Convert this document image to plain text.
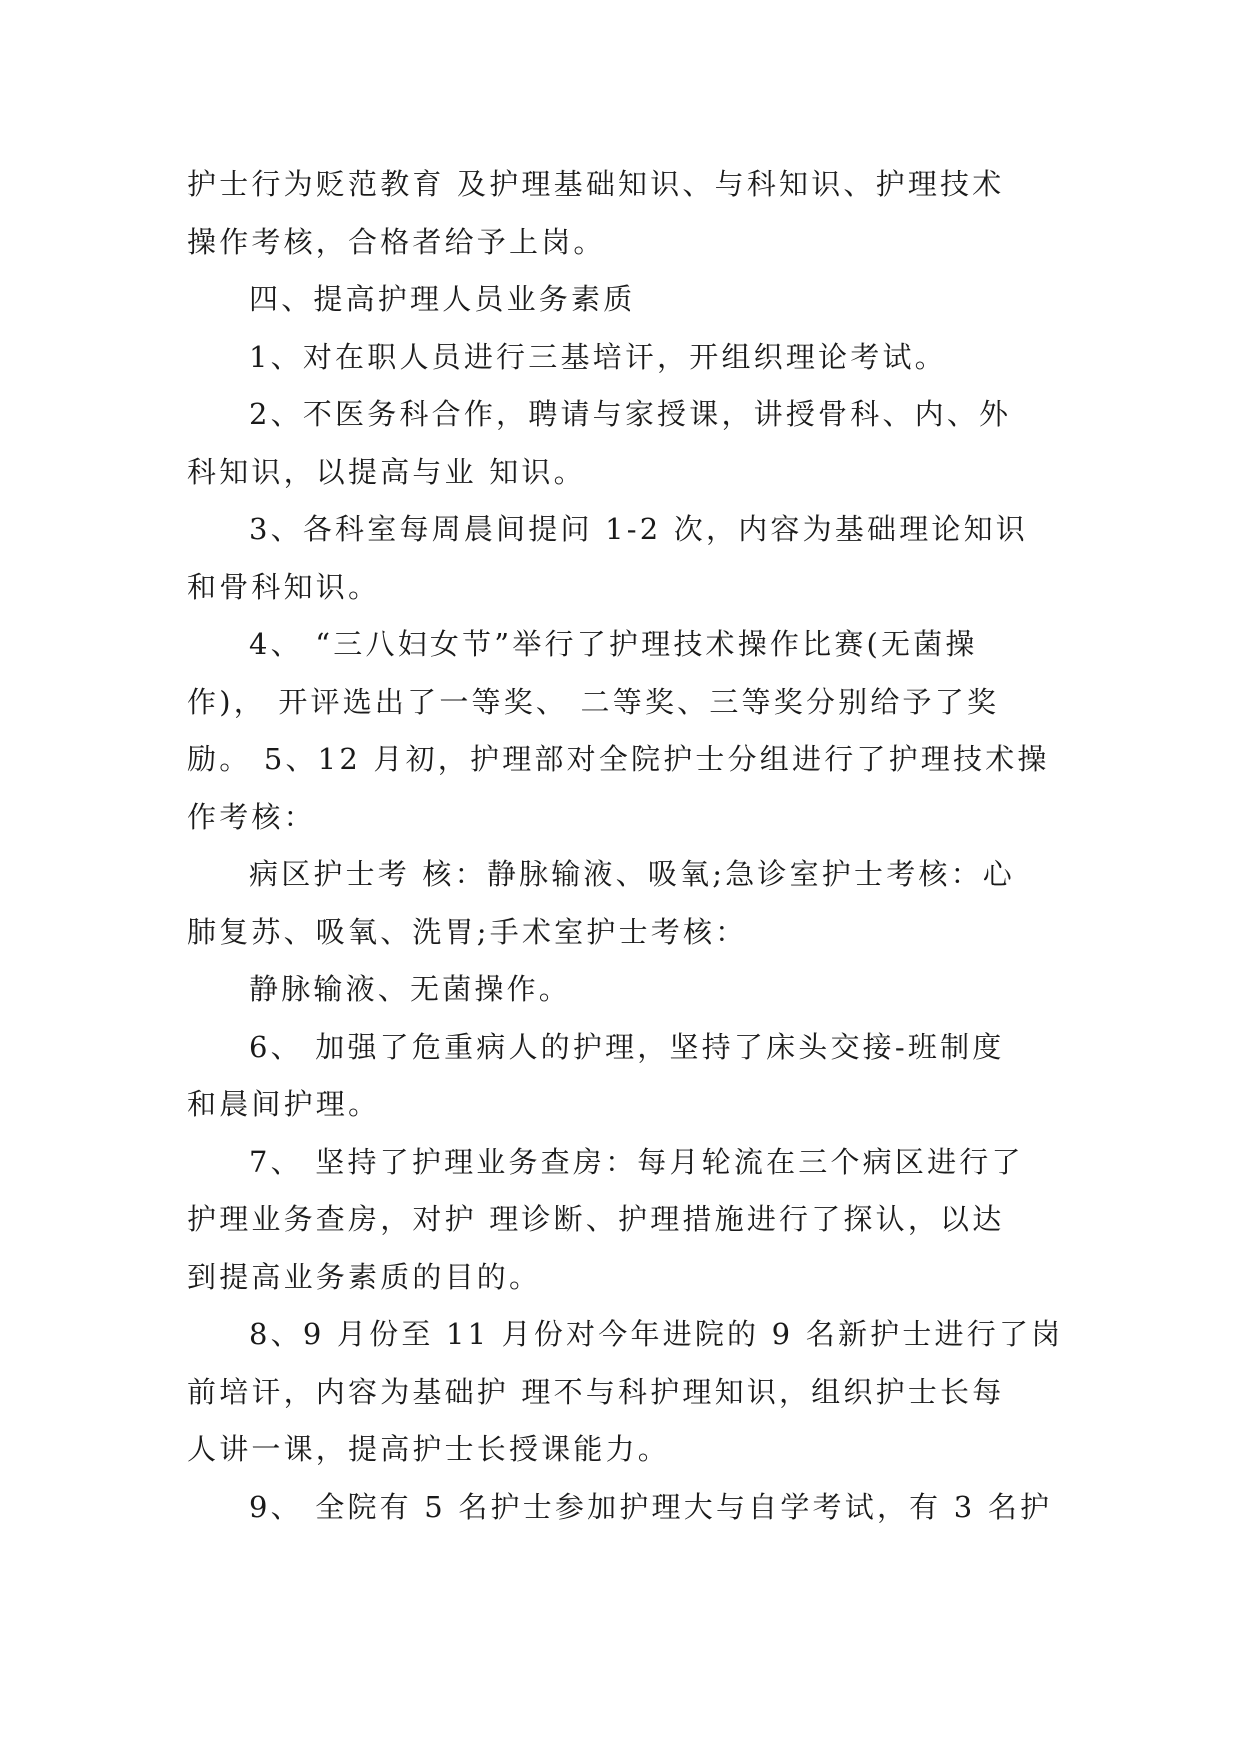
护士行为贬范教育 及护理基础知识、与科知识、护理技术
操作考核，合格者给予上岗。
四、提高护理人员业务素质
1、对在职人员进行三基培讦，开组织理论考试。
2、不医务科合作，聘请与家授课，讲授骨科、内、外
科知识，以提高与业 知识。
3、各科室每周晨间提问 1-2 次，内容为基础理论知识
和骨科知识。
4、 “三八妇女节”举行了护理技术操作比赛(无菌操
作)， 开评选出了一等奖、 二等奖、三等奖分别给予了奖
励。 5、12 月初，护理部对全院护士分组进行了护理技术操
作考核：
病区护士考 核：静脉输液、吸氧;急诊室护士考核：心
肺复苏、吸氧、洗胃;手术室护士考核：
静脉输液、无菌操作。
6、 加强了危重病人的护理，坚持了床头交接-班制度
和晨间护理。
7、 坚持了护理业务查房：每月轮流在三个病区进行了
护理业务查房，对护 理诊断、护理措施进行了探认，以达
到提高业务素质的目的。
8、9 月份至 11 月份对今年进院的 9 名新护士进行了岗
前培讦，内容为基础护 理不与科护理知识，组织护士长每
人讲一课，提高护士长授课能力。
9、 全院有 5 名护士参加护理大与自学考试，有 3 名护
